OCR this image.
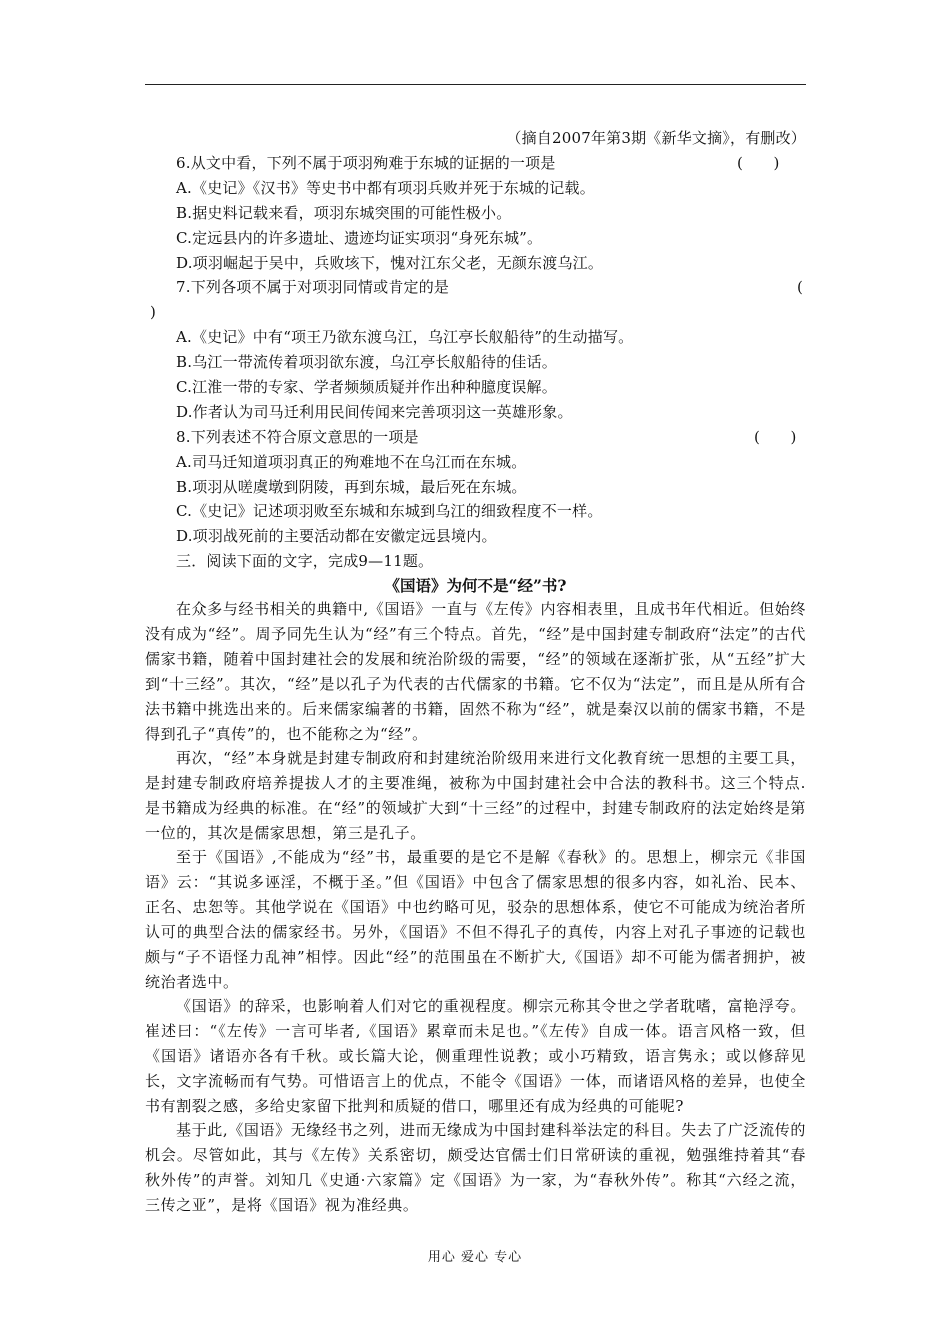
（摘自2007年第3期《新华文摘》，有删改）
6.从文中看，下列不属于项羽殉难于东城的证据的一项是	(　　)
A.《史记》《汉书》等史书中都有项羽兵败并死于东城的记载。
B.据史料记载来看，项羽东城突围的可能性极小。
C.定远县内的许多遗址、遗迹均证实项羽“身死东城”。
D.项羽崛起于吴中，兵败垓下，愧对江东父老，无颜东渡乌江。
7.下列各项不属于对项羽同情或肯定的是	(
)
A.《史记》中有“项王乃欲东渡乌江，乌江亭长舣船待”的生动描写。
B.乌江一带流传着项羽欲东渡，乌江亭长舣船待的佳话。
C.江淮一带的专家、学者频频质疑并作出种种臆度误解。
D.作者认为司马迁利用民间传闻来完善项羽这一英雄形象。
8.下列表述不符合原文意思的一项是	(　　)
A.司马迁知道项羽真正的殉难地不在乌江而在东城。
B.项羽从嗟虞墩到阴陵，再到东城，最后死在东城。
C.《史记》记述项羽败至东城和东城到乌江的细致程度不一样。
D.项羽战死前的主要活动都在安徽定远县境内。
三．阅读下面的文字，完成9—11题。
《国语》为何不是“经”书?
在众多与经书相关的典籍中,《国语》一直与《左传》内容相表里，且成书年代相近。但始终没有成为“经”。周予同先生认为“经”有三个特点。首先，“经”是中国封建专制政府“法定”的古代儒家书籍，随着中国封建社会的发展和统治阶级的需要，“经”的领域在逐渐扩张，从“五经”扩大到“十三经”。其次，“经”是以孔子为代表的古代儒家的书籍。它不仅为“法定”，而且是从所有合法书籍中挑选出来的。后来儒家编著的书籍，固然不称为“经”，就是秦汉以前的儒家书籍，不是得到孔子“真传”的，也不能称之为“经”。
再次，“经”本身就是封建专制政府和封建统治阶级用来进行文化教育统一思想的主要工具，是封建专制政府培养提拔人才的主要准绳，被称为中国封建社会中合法的教科书。这三个特点. 是书籍成为经典的标准。在“经”的领域扩大到“十三经”的过程中，封建专制政府的法定始终是第一位的，其次是儒家思想，第三是孔子。
至于《国语》,不能成为“经”书，最重要的是它不是解《春秋》的。思想上，柳宗元《非国语》云：“其说多诬淫，不概于圣。”但《国语》中包含了儒家思想的很多内容，如礼治、民本、正名、忠恕等。其他学说在《国语》中也约略可见，驳杂的思想体系，使它不可能成为统治者所认可的典型合法的儒家经书。另外，《国语》不但不得孔子的真传，内容上对孔子事迹的记载也颇与“子不语怪力乱神”相悖。因此“经”的范围虽在不断扩大,《国语》却不可能为儒者拥护，被统治者选中。
《国语》的辞采，也影响着人们对它的重视程度。柳宗元称其令世之学者耽嗜，富艳浮夸。崔述曰：“《左传》一言可毕者,《国语》累章而未足也。”《左传》自成一体。语言风格一致，但《国语》诸语亦各有千秋。或长篇大论，侧重理性说教；或小巧精致，语言隽永；或以修辞见长，文字流畅而有气势。可惜语言上的优点，不能令《国语》一体，而诸语风格的差异，也使全书有割裂之感，多给史家留下批判和质疑的借口，哪里还有成为经典的可能呢?
基于此,《国语》无缘经书之列，进而无缘成为中国封建科举法定的科目。失去了广泛流传的机会。尽管如此，其与《左传》关系密切，颇受达官儒士们日常研读的重视，勉强维持着其“春秋外传”的声誉。刘知几《史通·六家篇》定《国语》为一家，为“春秋外传”。称其“六经之流，三传之亚”，是将《国语》视为准经典。
用心 爱心 专心
